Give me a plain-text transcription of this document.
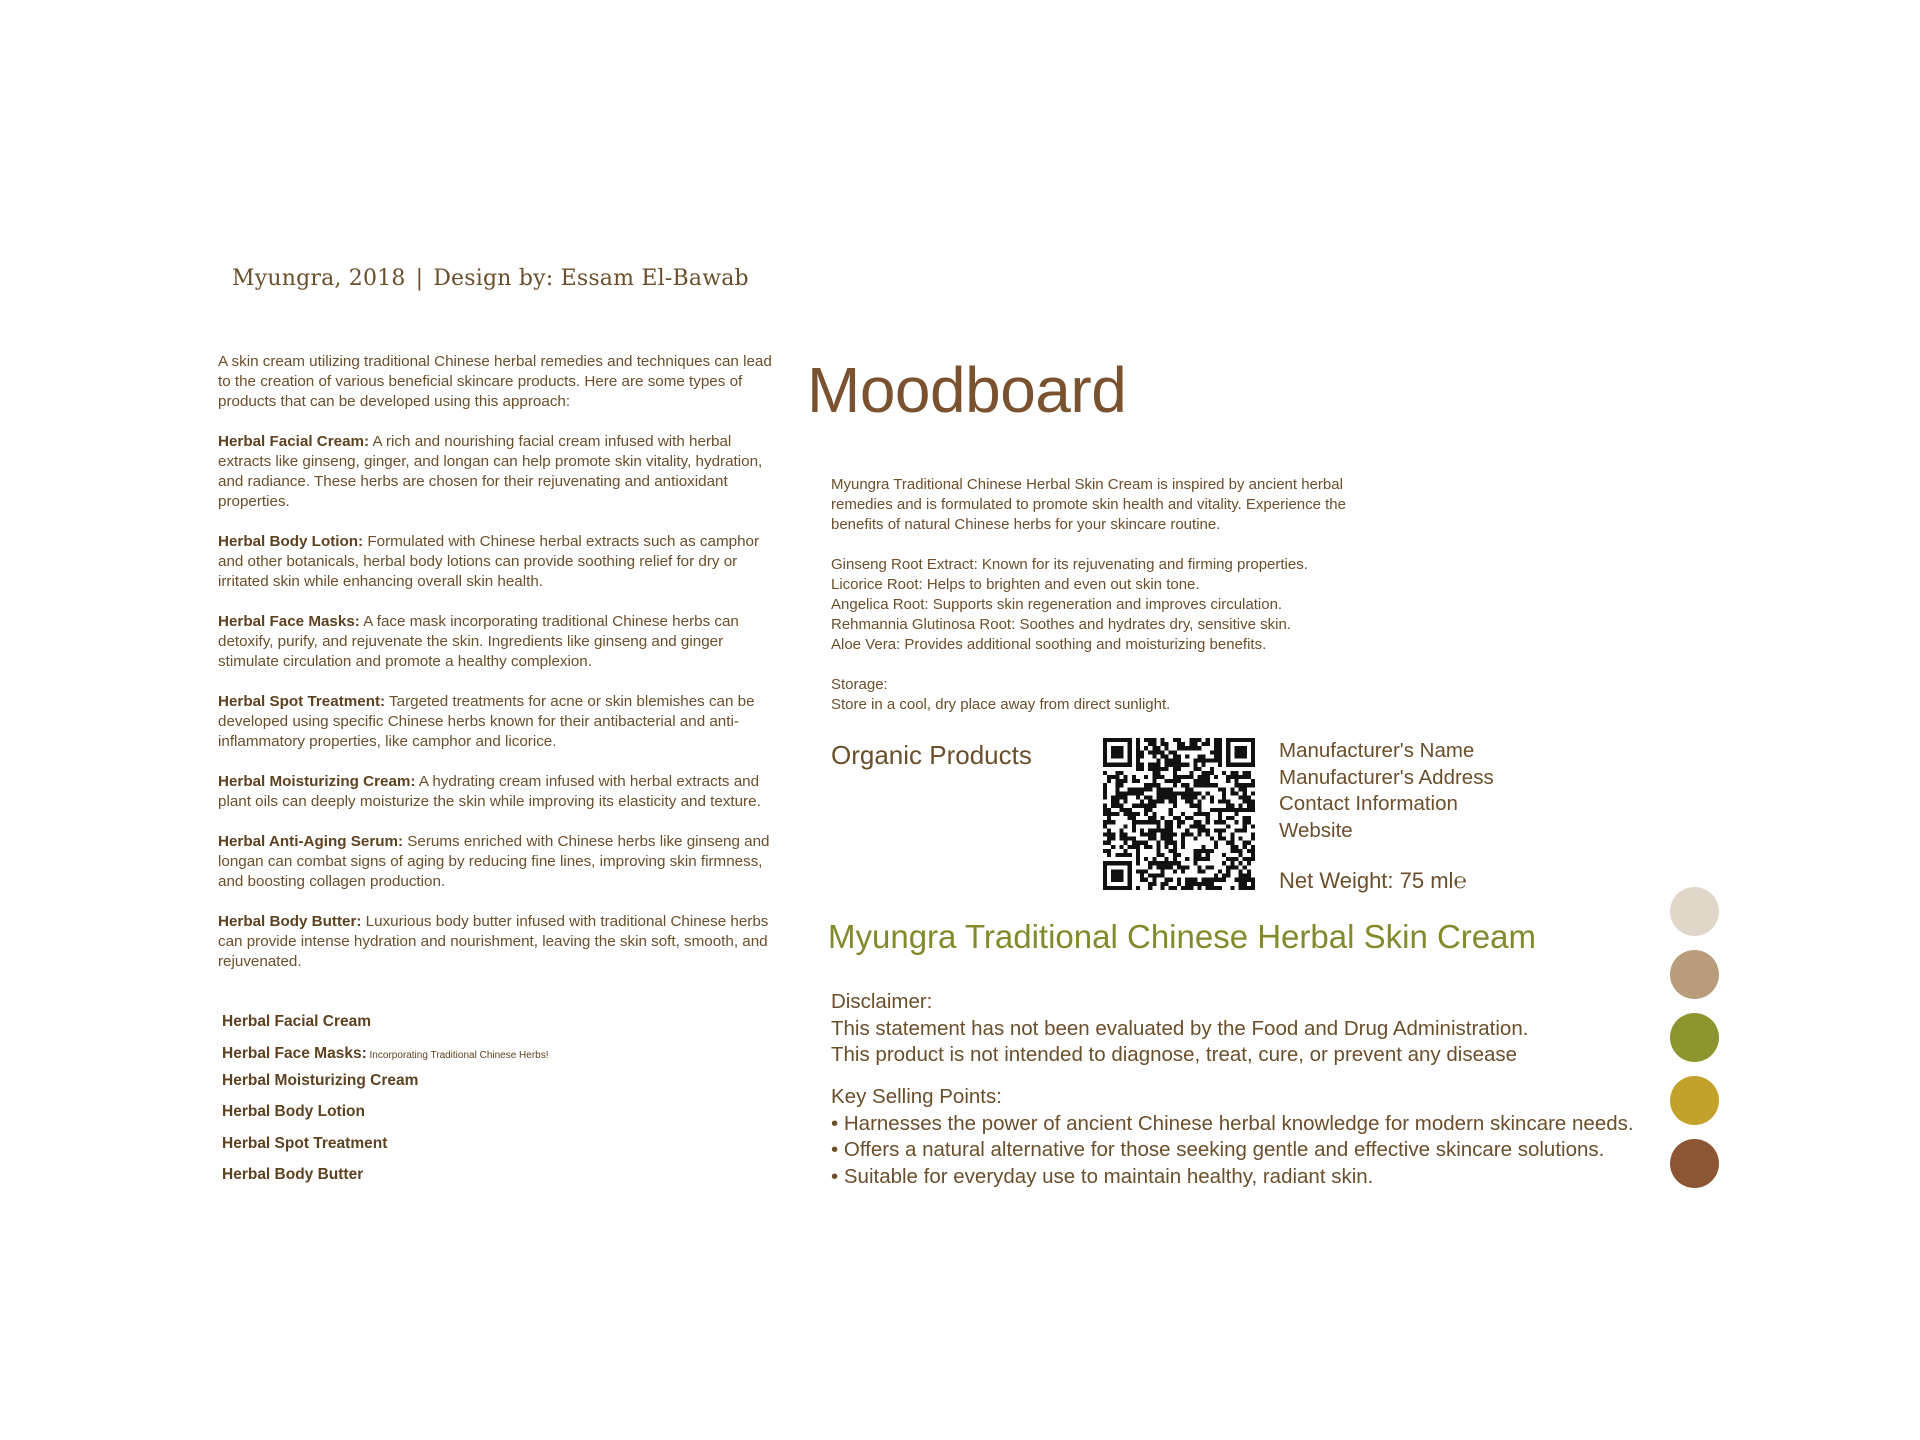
Myungra, 2018 | Design by: Essam El-Bawab

A skin cream utilizing traditional Chinese herbal remedies and techniques can lead to the creation of various beneficial skincare products. Here are some types of products that can be developed using this approach:

Herbal Facial Cream: A rich and nourishing facial cream infused with herbal extracts like ginseng, ginger, and longan can help promote skin vitality, hydration, and radiance. These herbs are chosen for their rejuvenating and antioxidant properties.

Herbal Body Lotion: Formulated with Chinese herbal extracts such as camphor and other botanicals, herbal body lotions can provide soothing relief for dry or irritated skin while enhancing overall skin health.

Herbal Face Masks: A face mask incorporating traditional Chinese herbs can detoxify, purify, and rejuvenate the skin. Ingredients like ginseng and ginger stimulate circulation and promote a healthy complexion.

Herbal Spot Treatment: Targeted treatments for acne or skin blemishes can be developed using specific Chinese herbs known for their antibacterial and anti-inflammatory properties, like camphor and licorice.

Herbal Moisturizing Cream: A hydrating cream infused with herbal extracts and plant oils can deeply moisturize the skin while improving its elasticity and texture.

Herbal Anti-Aging Serum: Serums enriched with Chinese herbs like ginseng and longan can combat signs of aging by reducing fine lines, improving skin firmness, and boosting collagen production.

Herbal Body Butter: Luxurious body butter infused with traditional Chinese herbs can provide intense hydration and nourishment, leaving the skin soft, smooth, and rejuvenated.

Herbal Facial Cream
Herbal Face Masks: Incorporating Traditional Chinese Herbs!
Herbal Moisturizing Cream
Herbal Body Lotion
Herbal Spot Treatment
Herbal Body Butter
Moodboard

Myungra Traditional Chinese Herbal Skin Cream is inspired by ancient herbal remedies and is formulated to promote skin health and vitality. Experience the benefits of natural Chinese herbs for your skincare routine.

Ginseng Root Extract: Known for its rejuvenating and firming properties.
Licorice Root: Helps to brighten and even out skin tone.
Angelica Root: Supports skin regeneration and improves circulation.
Rehmannia Glutinosa Root: Soothes and hydrates dry, sensitive skin.
Aloe Vera: Provides additional soothing and moisturizing benefits.

Storage:
Store in a cool, dry place away from direct sunlight.

Organic Products	Manufacturer's Name
Manufacturer's Address
Contact Information
Website
Net Weight: 75 ml℮
Myungra Traditional Chinese Herbal Skin Cream
Disclaimer:
This statement has not been evaluated by the Food and Drug Administration.
This product is not intended to diagnose, treat, cure, or prevent any disease
Key Selling Points:
• Harnesses the power of ancient Chinese herbal knowledge for modern skincare needs.
• Offers a natural alternative for those seeking gentle and effective skincare solutions.
• Suitable for everyday use to maintain healthy, radiant skin.
